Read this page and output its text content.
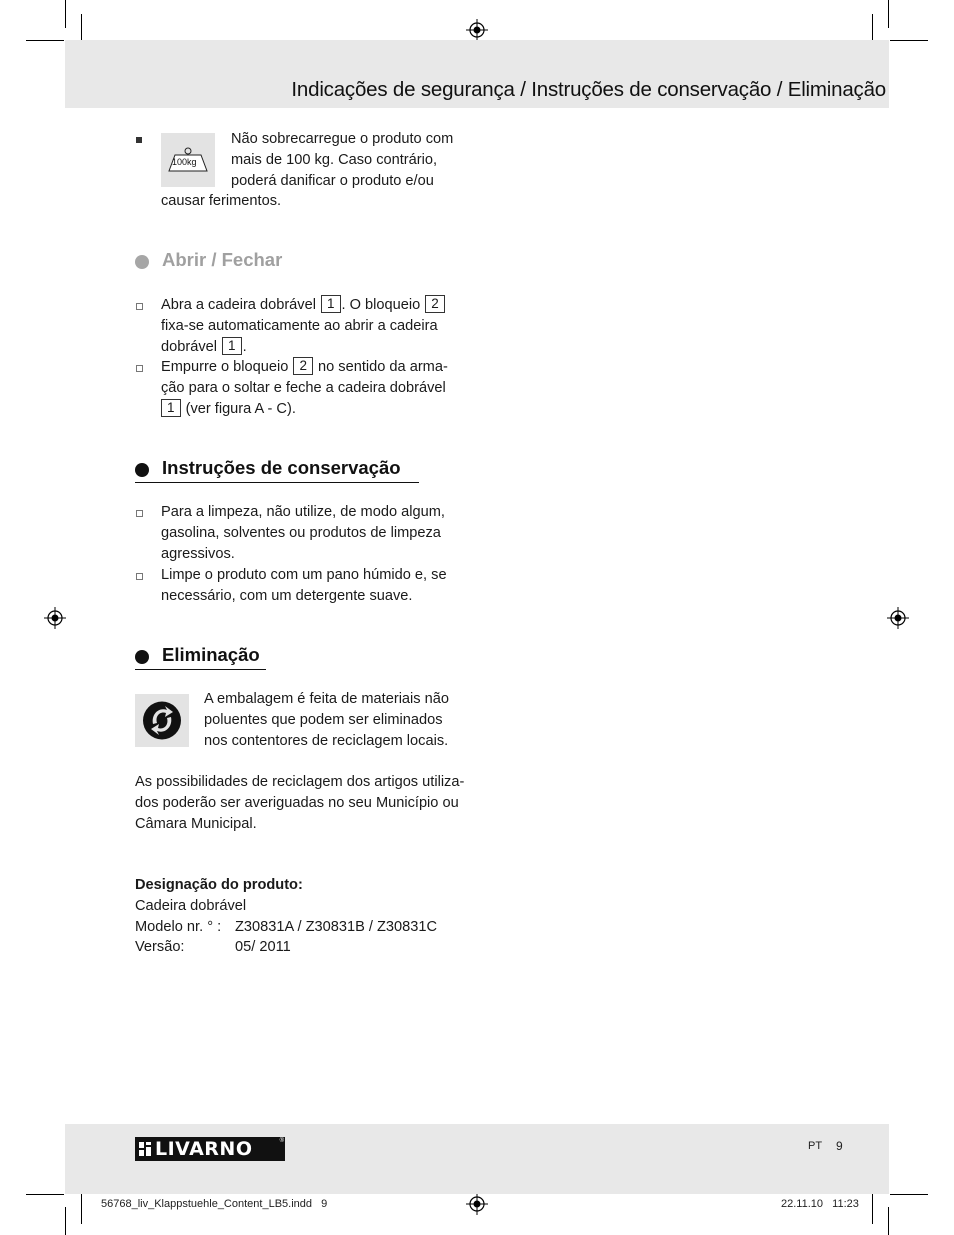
Indicações de segurança / Instruções de conservação / Eliminação
100kg
Não sobrecarregue o produto com
mais de 100 kg. Caso contrário,
poderá danificar o produto e/ou
causar ferimentos.
Abrir / Fechar
Abra a cadeira dobrável 1 . O bloqueio 2
fixa-se automaticamente ao abrir a cadeira
dobrável 1 .
Empurre o bloqueio 2 no sentido da arma-
ção para o soltar e feche a cadeira dobrável
1 (ver figura A - C).
Instruções de conservação
Para a limpeza, não utilize, de modo algum,
gasolina, solventes ou produtos de limpeza
agressivos.
Limpe o produto com um pano húmido e, se
necessário, com um detergente suave.
Eliminação
A embalagem é feita de materiais não
poluentes que podem ser eliminados
nos contentores de reciclagem locais.
As possibilidades de reciclagem dos artigos utiliza-
dos poderão ser averiguadas no seu Município ou
Câmara Municipal.
Designação do produto:
Cadeira dobrável
Modelo nr. ° : Z30831A / Z30831B / Z30831C
Versão:	05/ 2011
LIVARNO	®	PT 9
56768_liv_Klappstuehle_Content_LB5.indd   9	22.11.10   11:23
